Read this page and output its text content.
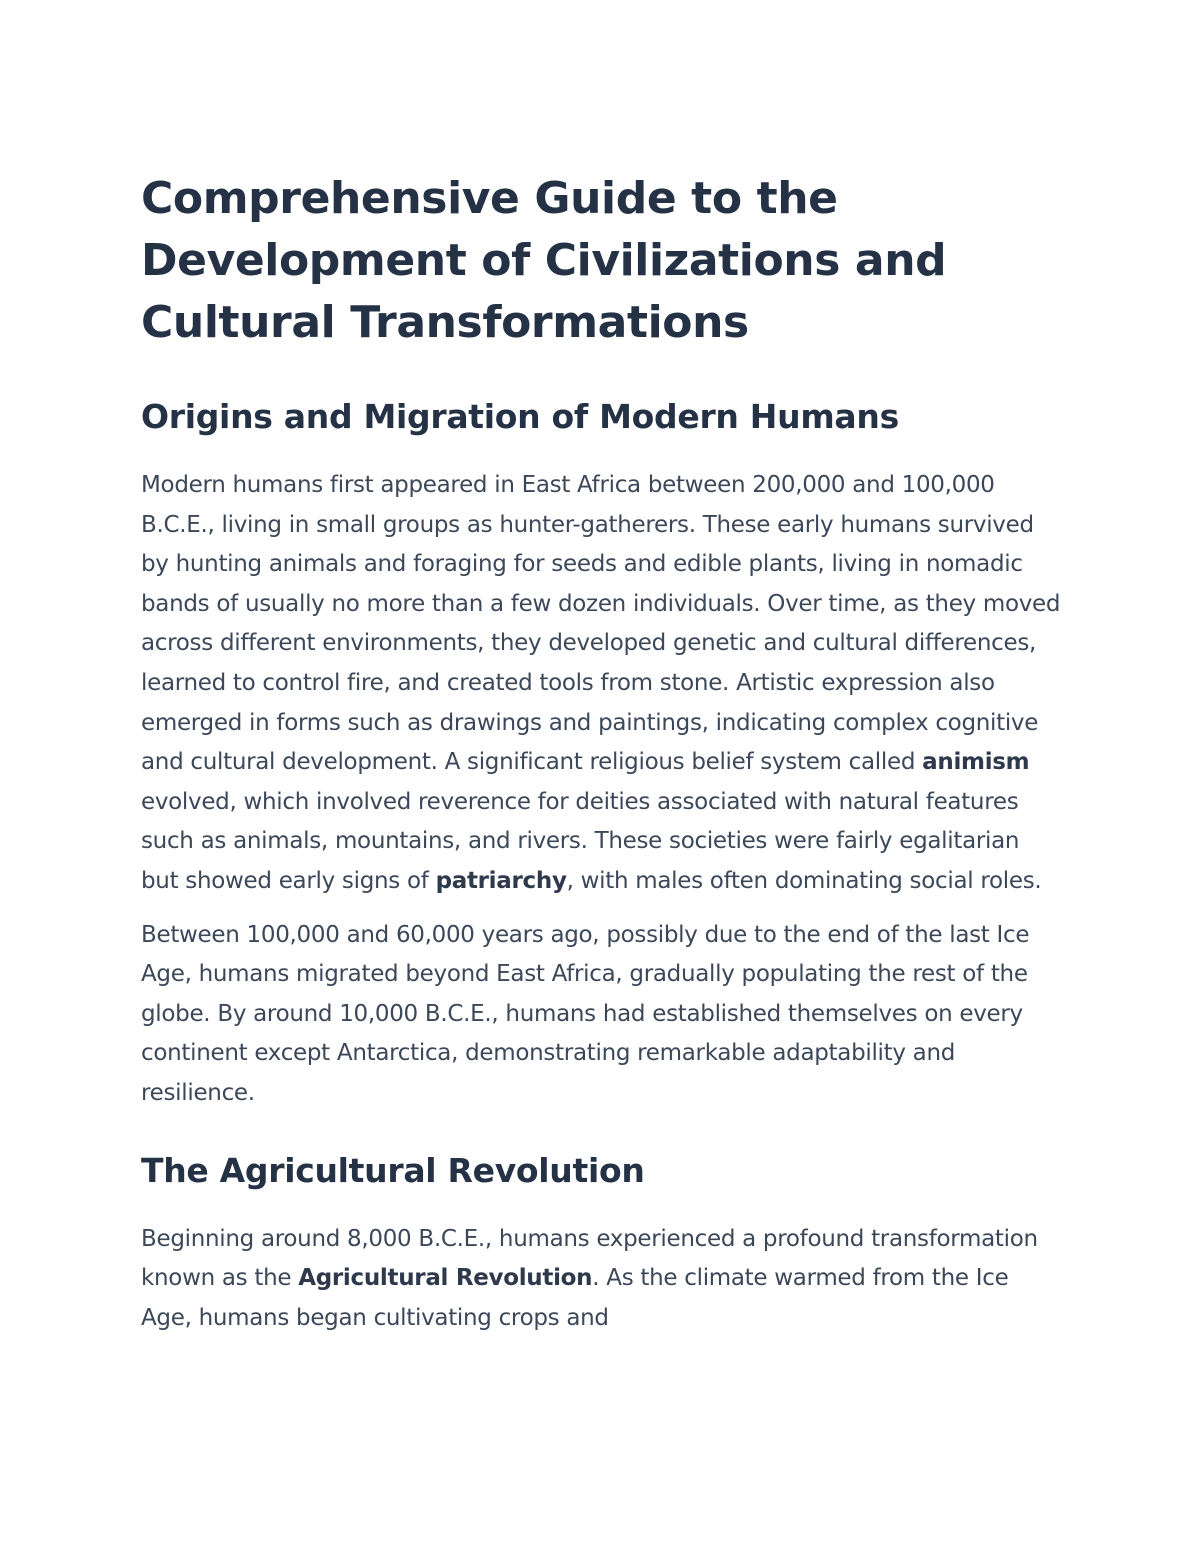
Comprehensive Guide to the Development of Civilizations and Cultural Transformations
Origins and Migration of Modern Humans

Modern humans first appeared in East Africa between 200,000 and 100,000 B.C.E., living in small groups as hunter-gatherers. These early humans survived by hunting animals and foraging for seeds and edible plants, living in nomadic bands of usually no more than a few dozen individuals. Over time, as they moved across different environments, they developed genetic and cultural differences, learned to control fire, and created tools from stone. Artistic expression also emerged in forms such as drawings and paintings, indicating complex cognitive and cultural development. A significant religious belief system called animism evolved, which involved reverence for deities associated with natural features such as animals, mountains, and rivers. These societies were fairly egalitarian but showed early signs of patriarchy, with males often dominating social roles.

Between 100,000 and 60,000 years ago, possibly due to the end of the last Ice Age, humans migrated beyond East Africa, gradually populating the rest of the globe. By around 10,000 B.C.E., humans had established themselves on every continent except Antarctica, demonstrating remarkable adaptability and resilience.

The Agricultural Revolution

Beginning around 8,000 B.C.E., humans experienced a profound transformation known as the Agricultural Revolution. As the climate warmed from the Ice Age, humans began cultivating crops and
